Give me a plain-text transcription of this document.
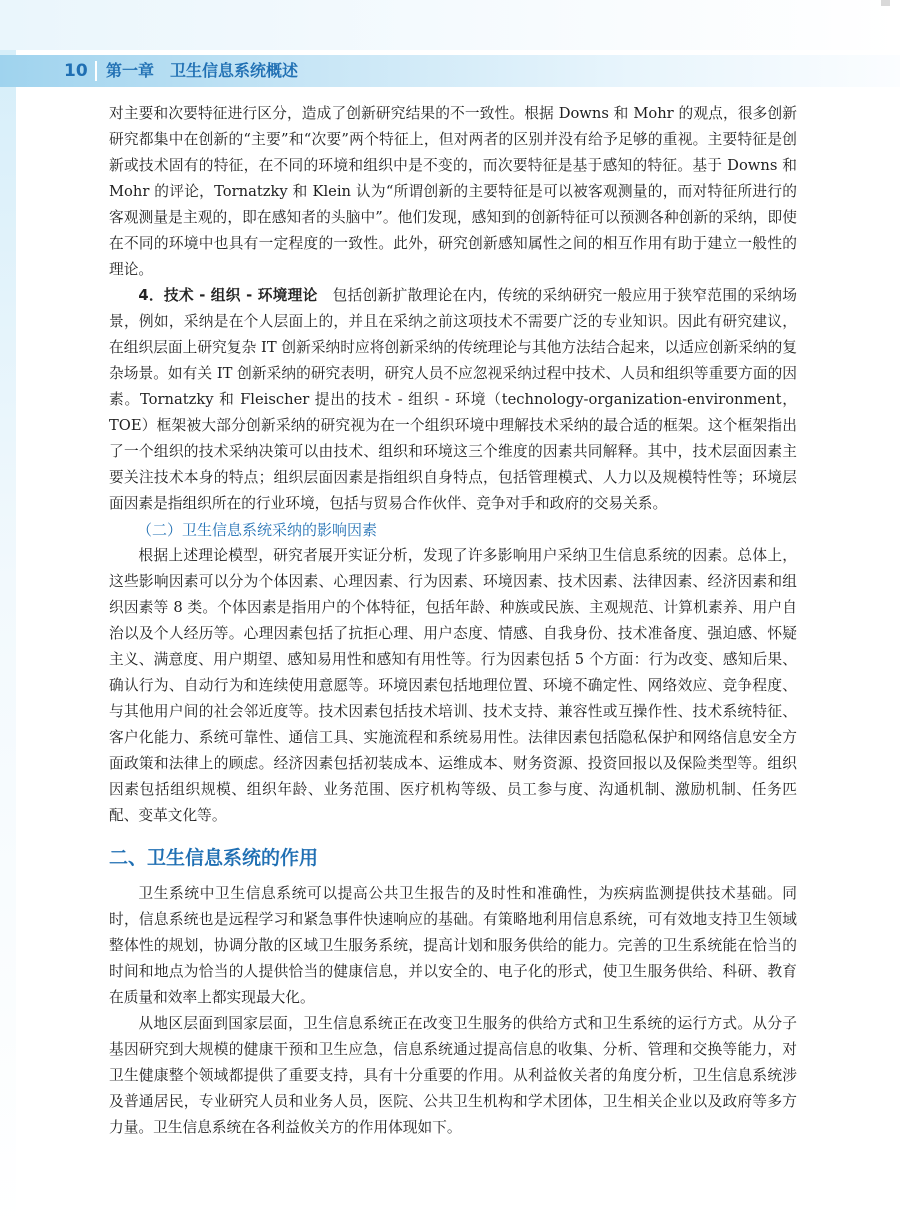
10 第一章　卫生信息系统概述

对主要和次要特征进行区分，造成了创新研究结果的不一致性。根据 Downs 和 Mohr 的观点，很多创新研究都集中在创新的“主要”和“次要”两个特征上，但对两者的区别并没有给予足够的重视。主要特征是创新或技术固有的特征，在不同的环境和组织中是不变的，而次要特征是基于感知的特征。基于 Downs 和 Mohr 的评论，Tornatzky 和 Klein 认为“所谓创新的主要特征是可以被客观测量的，而对特征所进行的客观测量是主观的，即在感知者的头脑中”。他们发现，感知到的创新特征可以预测各种创新的采纳，即使在不同的环境中也具有一定程度的一致性。此外，研究创新感知属性之间的相互作用有助于建立一般性的理论。

4．技术 - 组织 - 环境理论　 包括创新扩散理论在内，传统的采纳研究一般应用于狭窄范围的采纳场景，例如，采纳是在个人层面上的，并且在采纳之前这项技术不需要广泛的专业知识。因此有研究建议，在组织层面上研究复杂 IT 创新采纳时应将创新采纳的传统理论与其他方法结合起来，以适应创新采纳的复杂场景。如有关 IT 创新采纳的研究表明，研究人员不应忽视采纳过程中技术、人员和组织等重要方面的因素。Tornatzky 和 Fleischer 提出的技术 - 组织 - 环境（technology-organization-environment，TOE）框架被大部分创新采纳的研究视为在一个组织环境中理解技术采纳的最合适的框架。这个框架指出了一个组织的技术采纳决策可以由技术、组织和环境这三个维度的因素共同解释。其中，技术层面因素主要关注技术本身的特点；组织层面因素是指组织自身特点，包括管理模式、人力以及规模特性等；环境层面因素是指组织所在的行业环境，包括与贸易合作伙伴、竞争对手和政府的交易关系。

（二）卫生信息系统采纳的影响因素

根据上述理论模型，研究者展开实证分析，发现了许多影响用户采纳卫生信息系统的因素。总体上，这些影响因素可以分为个体因素、心理因素、行为因素、环境因素、技术因素、法律因素、经济因素和组织因素等 8 类。个体因素是指用户的个体特征，包括年龄、种族或民族、主观规范、计算机素养、用户自治以及个人经历等。心理因素包括了抗拒心理、用户态度、情感、自我身份、技术准备度、强迫感、怀疑主义、满意度、用户期望、感知易用性和感知有用性等。行为因素包括 5 个方面：行为改变、感知后果、确认行为、自动行为和连续使用意愿等。环境因素包括地理位置、环境不确定性、网络效应、竞争程度、与其他用户间的社会邻近度等。技术因素包括技术培训、技术支持、兼容性或互操作性、技术系统特征、客户化能力、系统可靠性、通信工具、实施流程和系统易用性。法律因素包括隐私保护和网络信息安全方面政策和法律上的顾虑。经济因素包括初装成本、运维成本、财务资源、投资回报以及保险类型等。组织因素包括组织规模、组织年龄、业务范围、医疗机构等级、员工参与度、沟通机制、激励机制、任务匹配、变革文化等。

二、卫生信息系统的作用

卫生系统中卫生信息系统可以提高公共卫生报告的及时性和准确性，为疾病监测提供技术基础。同时，信息系统也是远程学习和紧急事件快速响应的基础。有策略地利用信息系统，可有效地支持卫生领域整体性的规划，协调分散的区域卫生服务系统，提高计划和服务供给的能力。完善的卫生系统能在恰当的时间和地点为恰当的人提供恰当的健康信息，并以安全的、电子化的形式，使卫生服务供给、科研、教育在质量和效率上都实现最大化。

从地区层面到国家层面，卫生信息系统正在改变卫生服务的供给方式和卫生系统的运行方式。从分子基因研究到大规模的健康干预和卫生应急，信息系统通过提高信息的收集、分析、管理和交换等能力，对卫生健康整个领域都提供了重要支持，具有十分重要的作用。从利益攸关者的角度分析，卫生信息系统涉及普通居民，专业研究人员和业务人员，医院、公共卫生机构和学术团体，卫生相关企业以及政府等多方力量。卫生信息系统在各利益攸关方的作用体现如下。
